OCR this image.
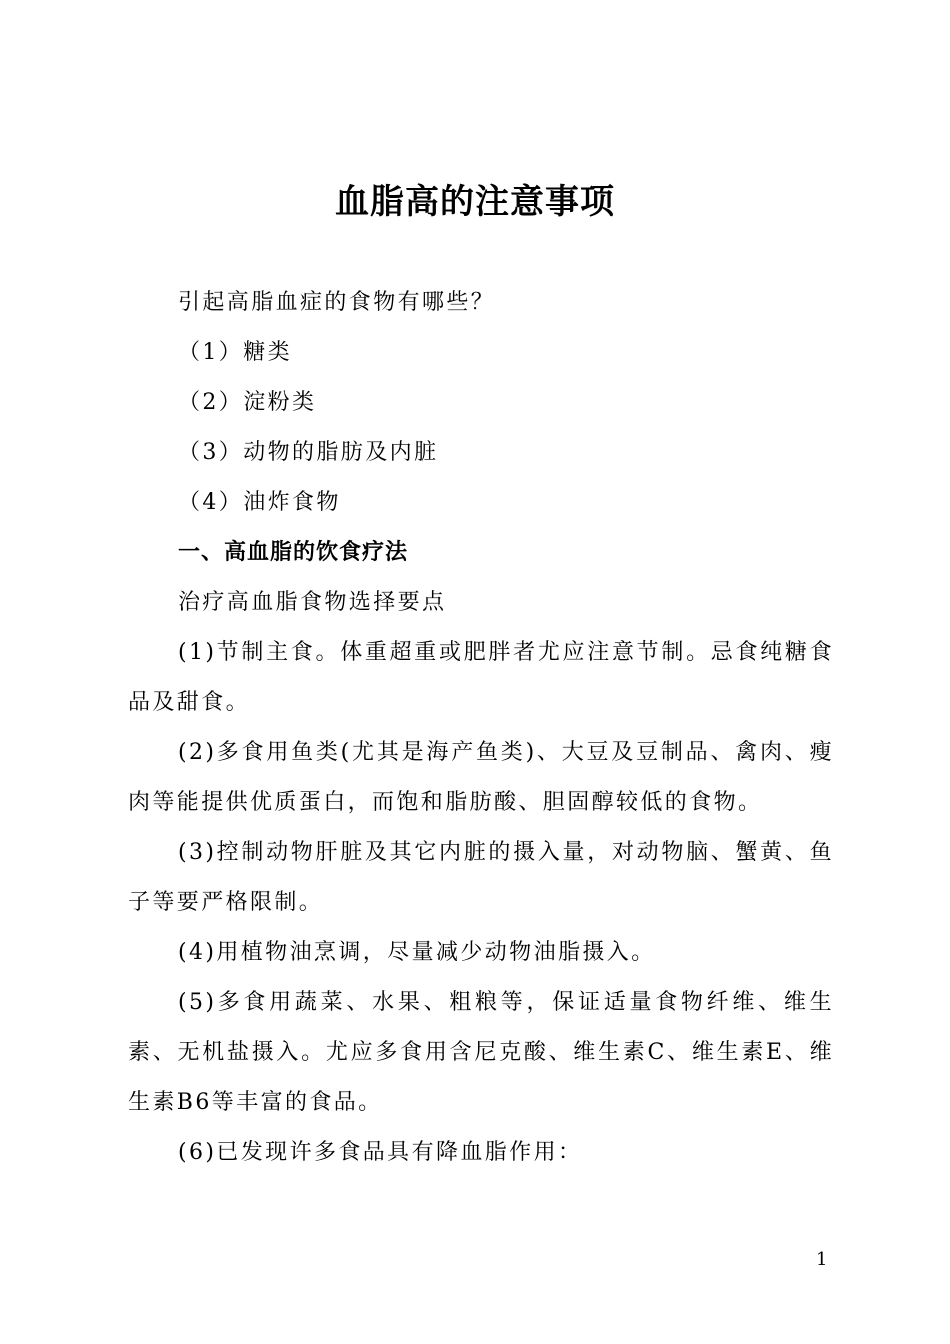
血脂高的注意事项
引起高脂血症的食物有哪些？
（1）糖类
（2）淀粉类
（3）动物的脂肪及内脏
（4）油炸食物
一、高血脂的饮食疗法
治疗高血脂食物选择要点
(1)节制主食。体重超重或肥胖者尤应注意节制。忌食纯糖食品及甜食。
(2)多食用鱼类(尤其是海产鱼类)、大豆及豆制品、禽肉、瘦肉等能提供优质蛋白，而饱和脂肪酸、胆固醇较低的食物。
(3)控制动物肝脏及其它内脏的摄入量，对动物脑、蟹黄、鱼子等要严格限制。
(4)用植物油烹调，尽量减少动物油脂摄入。
(5)多食用蔬菜、水果、粗粮等，保证适量食物纤维、维生素、无机盐摄入。尤应多食用含尼克酸、维生素C、维生素E、维生素B6等丰富的食品。
(6)已发现许多食品具有降血脂作用：
1
